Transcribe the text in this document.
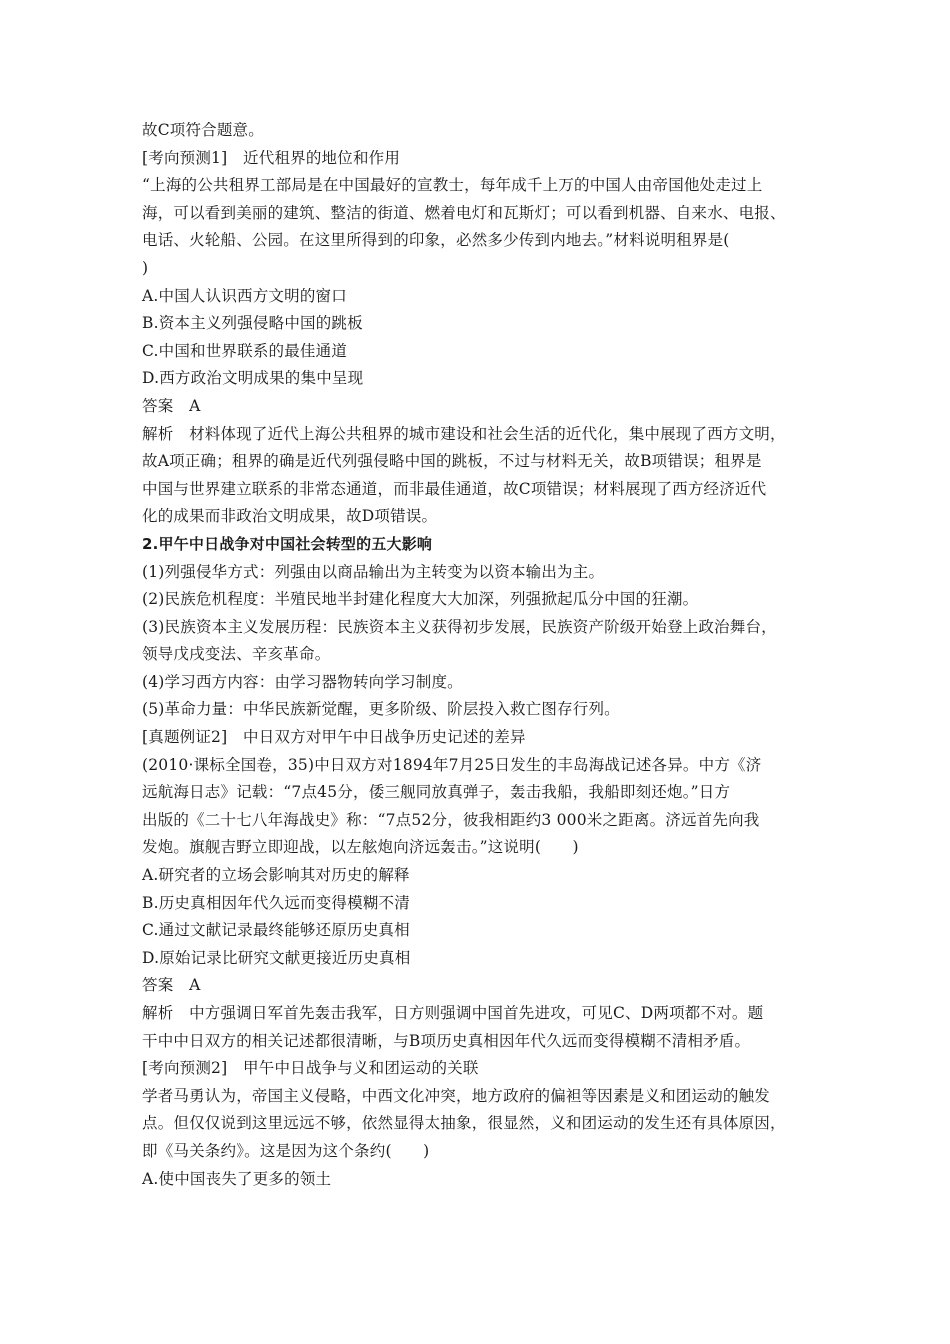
故C项符合题意。
[考向预测1]　近代租界的地位和作用
“上海的公共租界工部局是在中国最好的宣教士，每年成千上万的中国人由帝国他处走过上
海，可以看到美丽的建筑、整洁的街道、燃着电灯和瓦斯灯；可以看到机器、自来水、电报、
电话、火轮船、公园。在这里所得到的印象，必然多少传到内地去。”材料说明租界是(
)
A.中国人认识西方文明的窗口
B.资本主义列强侵略中国的跳板
C.中国和世界联系的最佳通道
D.西方政治文明成果的集中呈现
答案　A
解析　材料体现了近代上海公共租界的城市建设和社会生活的近代化，集中展现了西方文明，
故A项正确；租界的确是近代列强侵略中国的跳板，不过与材料无关，故B项错误；租界是
中国与世界建立联系的非常态通道，而非最佳通道，故C项错误；材料展现了西方经济近代
化的成果而非政治文明成果，故D项错误。
2.甲午中日战争对中国社会转型的五大影响
(1)列强侵华方式：列强由以商品输出为主转变为以资本输出为主。
(2)民族危机程度：半殖民地半封建化程度大大加深，列强掀起瓜分中国的狂潮。
(3)民族资本主义发展历程：民族资本主义获得初步发展，民族资产阶级开始登上政治舞台，
领导戊戌变法、辛亥革命。
(4)学习西方内容：由学习器物转向学习制度。
(5)革命力量：中华民族新觉醒，更多阶级、阶层投入救亡图存行列。
[真题例证2]　中日双方对甲午中日战争历史记述的差异
(2010·课标全国卷，35)中日双方对1894年7月25日发生的丰岛海战记述各异。中方《济
远航海日志》记载：“7点45分，倭三舰同放真弹子，轰击我船，我船即刻还炮。”日方
出版的《二十七八年海战史》称：“7点52分，彼我相距约3 000米之距离。济远首先向我
发炮。旗舰吉野立即迎战，以左舷炮向济远轰击。”这说明(　　)
A.研究者的立场会影响其对历史的解释
B.历史真相因年代久远而变得模糊不清
C.通过文献记录最终能够还原历史真相
D.原始记录比研究文献更接近历史真相
答案　A
解析　中方强调日军首先轰击我军，日方则强调中国首先进攻，可见C、D两项都不对。题
干中中日双方的相关记述都很清晰，与B项历史真相因年代久远而变得模糊不清相矛盾。
[考向预测2]　甲午中日战争与义和团运动的关联
学者马勇认为，帝国主义侵略，中西文化冲突，地方政府的偏袒等因素是义和团运动的触发
点。但仅仅说到这里远远不够，依然显得太抽象，很显然，义和团运动的发生还有具体原因，
即《马关条约》。这是因为这个条约(　　)
A.使中国丧失了更多的领土
